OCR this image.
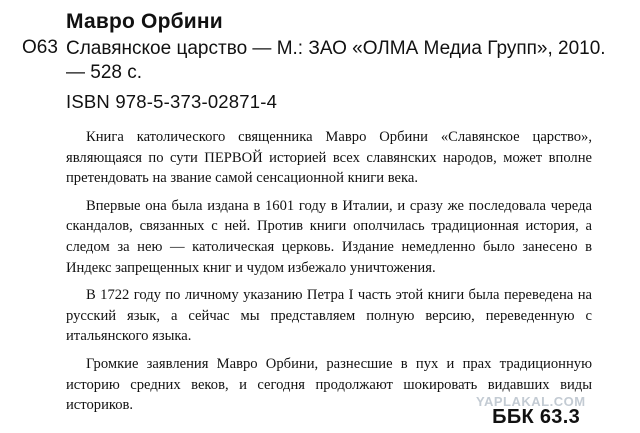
Мавро Орбини
О63 Славянское царство — М.: ЗАО «ОЛМА Медиа Групп», 2010. — 528 с.
ISBN 978-5-373-02871-4

Книга католического священника Мавро Орбини «Славянское царство», являющаяся по сути ПЕРВОЙ историей всех славянских народов, может вполне претендовать на звание самой сенсационной книги века.

Впервые она была издана в 1601 году в Италии, и сразу же последовала череда скандалов, связанных с ней. Против книги ополчилась традиционная история, а следом за нею — католическая церковь. Издание немедленно было занесено в Индекс запрещенных книг и чудом избежало уничтожения.

В 1722 году по личному указанию Петра I часть этой книги была переведена на русский язык, а сейчас мы представляем полную версию, переведенную с итальянского языка.

Громкие заявления Мавро Орбини, разнесшие в пух и прах традиционную историю средних веков, и сегодня продолжают шокировать видавших виды историков.	YAPLAKAL.COM
ББК 63.3
